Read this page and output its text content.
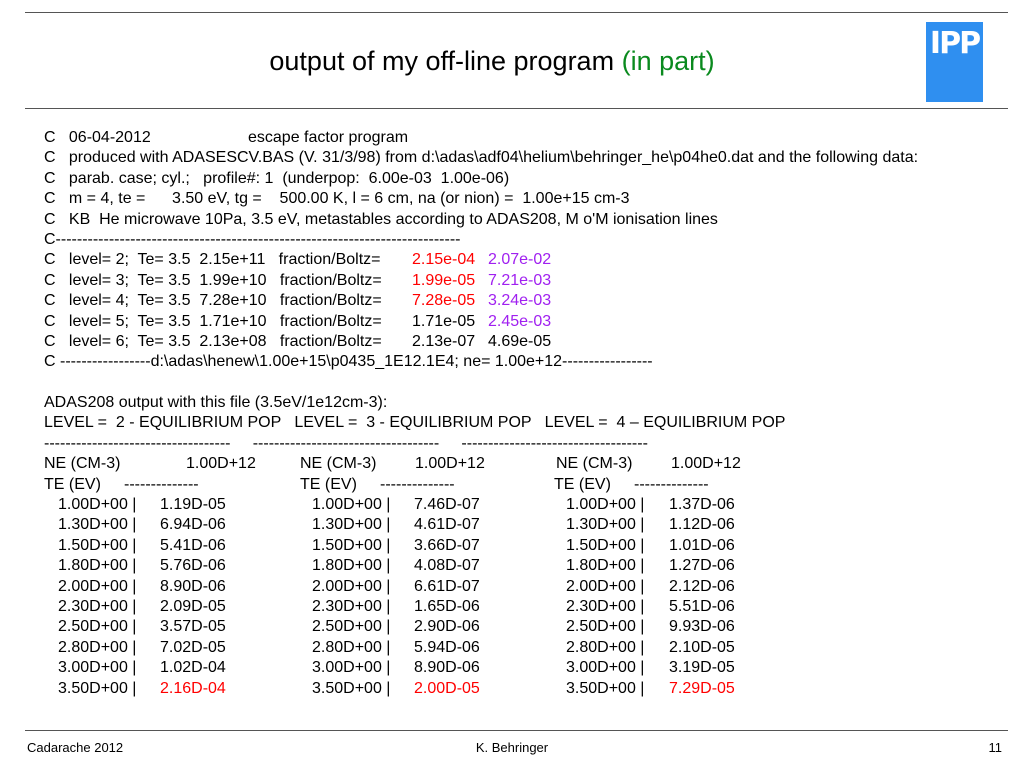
output of my off-line program (in part)	IPP
C   06-04-2012	escape factor program
C   produced with ADASESCV.BAS (V. 31/3/98) from d:\adas\adf04\helium\behringer_he\p04he0.dat and the following data:
C   parab. case; cyl.;   profile#: 1  (underpop:  6.00e-03  1.00e-06)
C   m = 4, te =      3.50 eV, tg =    500.00 K, l = 6 cm, na (or nion) =  1.00e+15 cm-3
C   KB  He microwave 10Pa, 3.5 eV, metastables according to ADAS208, M o'M ionisation lines
C----------------------------------------------------------------------------
C   level= 2;  Te= 3.5  2.15e+11   fraction/Boltz= 2.15e-04 2.07e-02
C   level= 3;  Te= 3.5  1.99e+10   fraction/Boltz= 1.99e-05 7.21e-03
C   level= 4;  Te= 3.5  7.28e+10   fraction/Boltz= 7.28e-05 3.24e-03
C   level= 5;  Te= 3.5  1.71e+10   fraction/Boltz= 1.71e-05 2.45e-03
C   level= 6;  Te= 3.5  2.13e+08   fraction/Boltz= 2.13e-07 4.69e-05
C -----------------d:\adas\henew\1.00e+15\p0435_1E12.1E4; ne= 1.00e+12-----------------
ADAS208 output with this file (3.5eV/1e12cm-3):
LEVEL =  2 - EQUILIBRIUM POP   LEVEL =  3 - EQUILIBRIUM POP   LEVEL =  4 – EQUILIBRIUM POP
-----------------------------------     -----------------------------------     -----------------------------------
NE (CM-3)	1.00D+12	NE (CM-3) 1.00D+12	NE (CM-3) 1.00D+12
TE (EV) --------------	TE (EV) --------------	TE (EV) --------------
1.00D+00 | 1.19D-05	1.00D+00 | 7.46D-07	1.00D+00 | 1.37D-06
1.30D+00 | 6.94D-06	1.30D+00 | 4.61D-07	1.30D+00 | 1.12D-06
1.50D+00 | 5.41D-06	1.50D+00 | 3.66D-07	1.50D+00 | 1.01D-06
1.80D+00 | 5.76D-06	1.80D+00 | 4.08D-07	1.80D+00 | 1.27D-06
2.00D+00 | 8.90D-06	2.00D+00 | 6.61D-07	2.00D+00 | 2.12D-06
2.30D+00 | 2.09D-05	2.30D+00 | 1.65D-06	2.30D+00 | 5.51D-06
2.50D+00 | 3.57D-05	2.50D+00 | 2.90D-06	2.50D+00 | 9.93D-06
2.80D+00 | 7.02D-05	2.80D+00 | 5.94D-06	2.80D+00 | 2.10D-05
3.00D+00 | 1.02D-04	3.00D+00 | 8.90D-06	3.00D+00 | 3.19D-05
3.50D+00 | 2.16D-04	3.50D+00 | 2.00D-05	3.50D+00 | 7.29D-05
Cadarache 2012	K. Behringer	11
